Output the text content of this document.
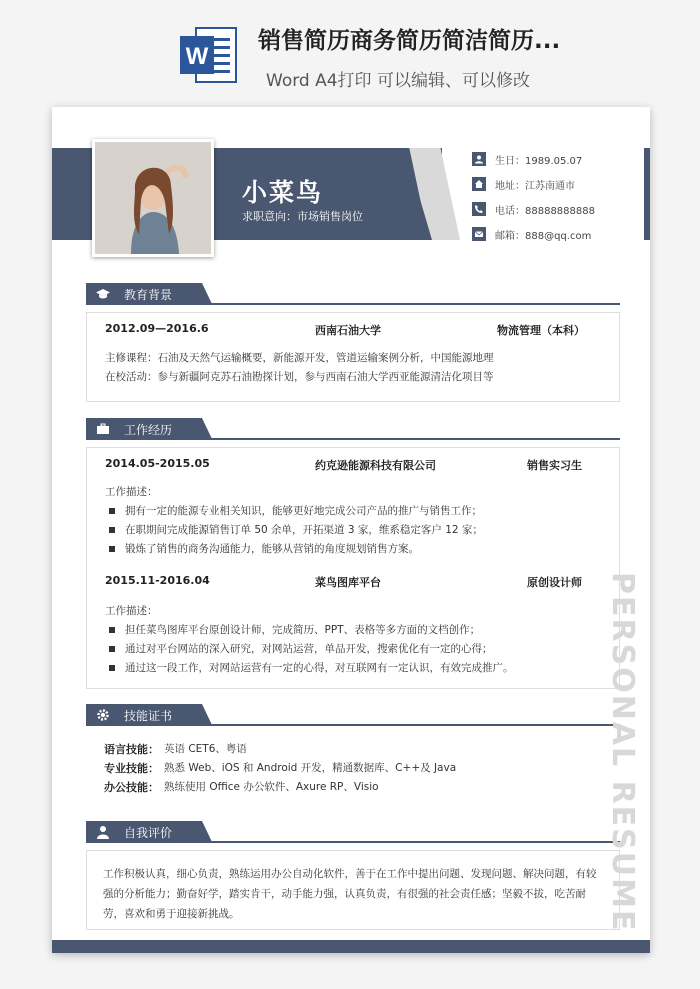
W
销售简历商务简历简洁简历...
Word A4打印 可以编辑、可以修改
小菜鸟
求职意向：市场销售岗位
生日：1989.05.07
地址：江苏南通市
电话：88888888888
邮箱：888@qq.com
教育背景
2012.09—2016.6	西南石油大学	物流管理（本科）
主修课程：石油及天然气运输概要，新能源开发，管道运输案例分析，中国能源地理
在校活动：参与新疆阿克苏石油勘探计划，参与西南石油大学西亚能源清洁化项目等
工作经历
2014.05-2015.05	约克逊能源科技有限公司	销售实习生
工作描述：
拥有一定的能源专业相关知识，能够更好地完成公司产品的推广与销售工作；
在职期间完成能源销售订单 50 余单，开拓渠道 3 家，维系稳定客户 12 家；
锻炼了销售的商务沟通能力，能够从营销的角度规划销售方案。
2015.11-2016.04	菜鸟图库平台	原创设计师
工作描述：
担任菜鸟图库平台原创设计师，完成简历、PPT、表格等多方面的文档创作；
通过对平台网站的深入研究，对网站运营，单品开发，搜索优化有一定的心得；
通过这一段工作，对网站运营有一定的心得，对互联网有一定认识，有效完成推广。
技能证书
语言技能： 英语 CET6、粤语
专业技能： 熟悉 Web、iOS 和 Android 开发，精通数据库、C++及 Java
办公技能： 熟练使用 Office 办公软件、Axure RP、Visio
自我评价
工作积极认真，细心负责，熟练运用办公自动化软件，善于在工作中提出问题、发现问题、解决问题，有较强的分析能力；勤奋好学，踏实肯干，动手能力强，认真负责，有很强的社会责任感；坚毅不拔，吃苦耐劳，喜欢和勇于迎接新挑战。	PERSONAL RESUME
